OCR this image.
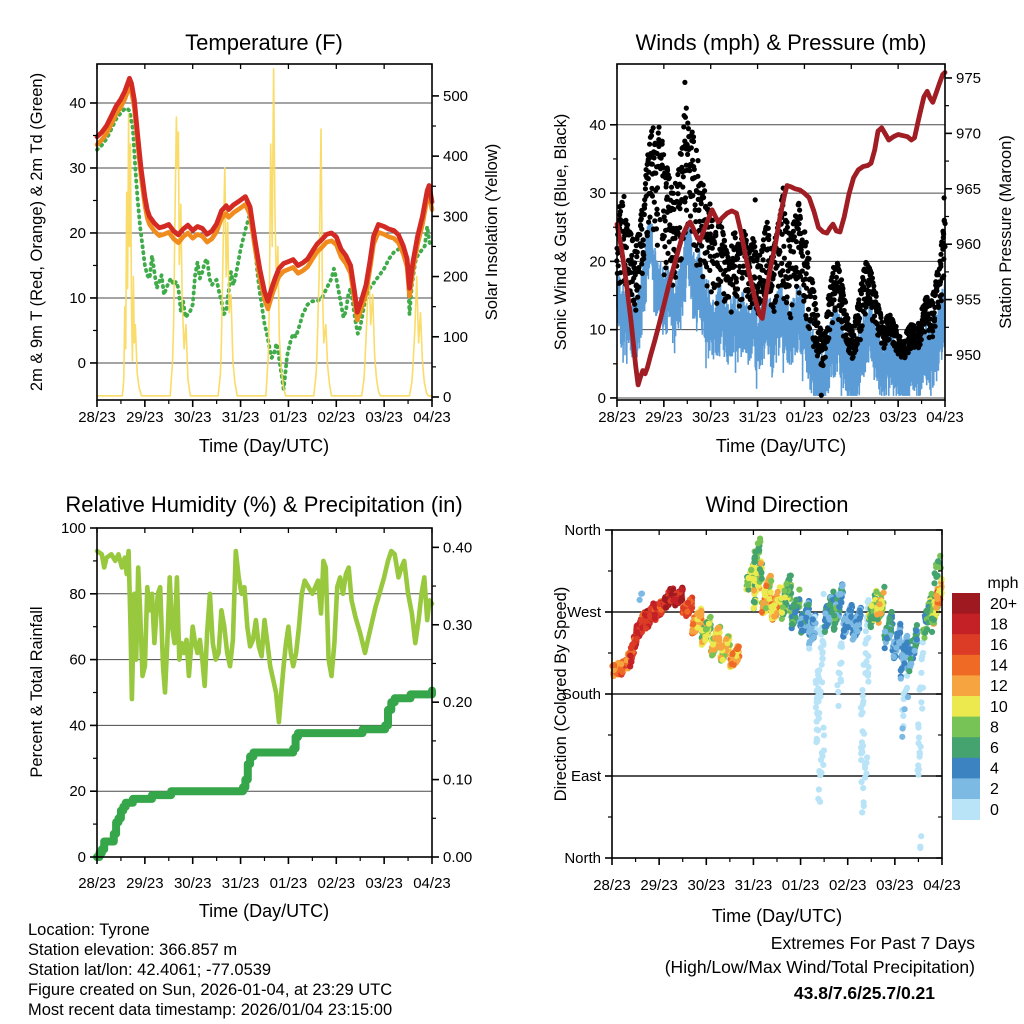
Temperature (F)
2m & 9m T (Red, Orange) & 2m Td (Green)	Solar Insolation (Yellow)
Time (Day/UTC)
28/23 29/23 30/23 31/23 01/23 02/23 03/23 04/23
0
10
20
30
40
0
100
200
300
400
500
Winds (mph) & Pressure (mb)
Sonic Wind & Gust (Blue, Black)	Station Pressure (Maroon)
Time (Day/UTC)
28/23 29/23 30/23 31/23 01/23 02/23 03/23 04/23
0
10
20
30
40
950
955
960
965
970
975
Relative Humidity (%) & Precipitation (in)
Percent & Total Rainfall
Time (Day/UTC)
28/23 29/23 30/23 31/23 01/23 02/23 03/23 04/23
0
20
40
60
80
100
0.00
0.10
0.20
0.30
0.40
Wind Direction
Direction (Colored By Speed)
Time (Day/UTC)
28/23 29/23 30/23 31/23 01/23 02/23 03/23 04/23
North
East
South
West
North
mph
20+
18
16
14
12
10
8
6
4
2
0
Location: Tyrone
Station elevation: 366.857 m
Station lat/lon: 42.4061; -77.0539
Figure created on Sun, 2026-01-04, at 23:29 UTC
Most recent data timestamp: 2026/01/04 23:15:00
Extremes For Past 7 Days
(High/Low/Max Wind/Total Precipitation)
43.8/7.6/25.7/0.21
